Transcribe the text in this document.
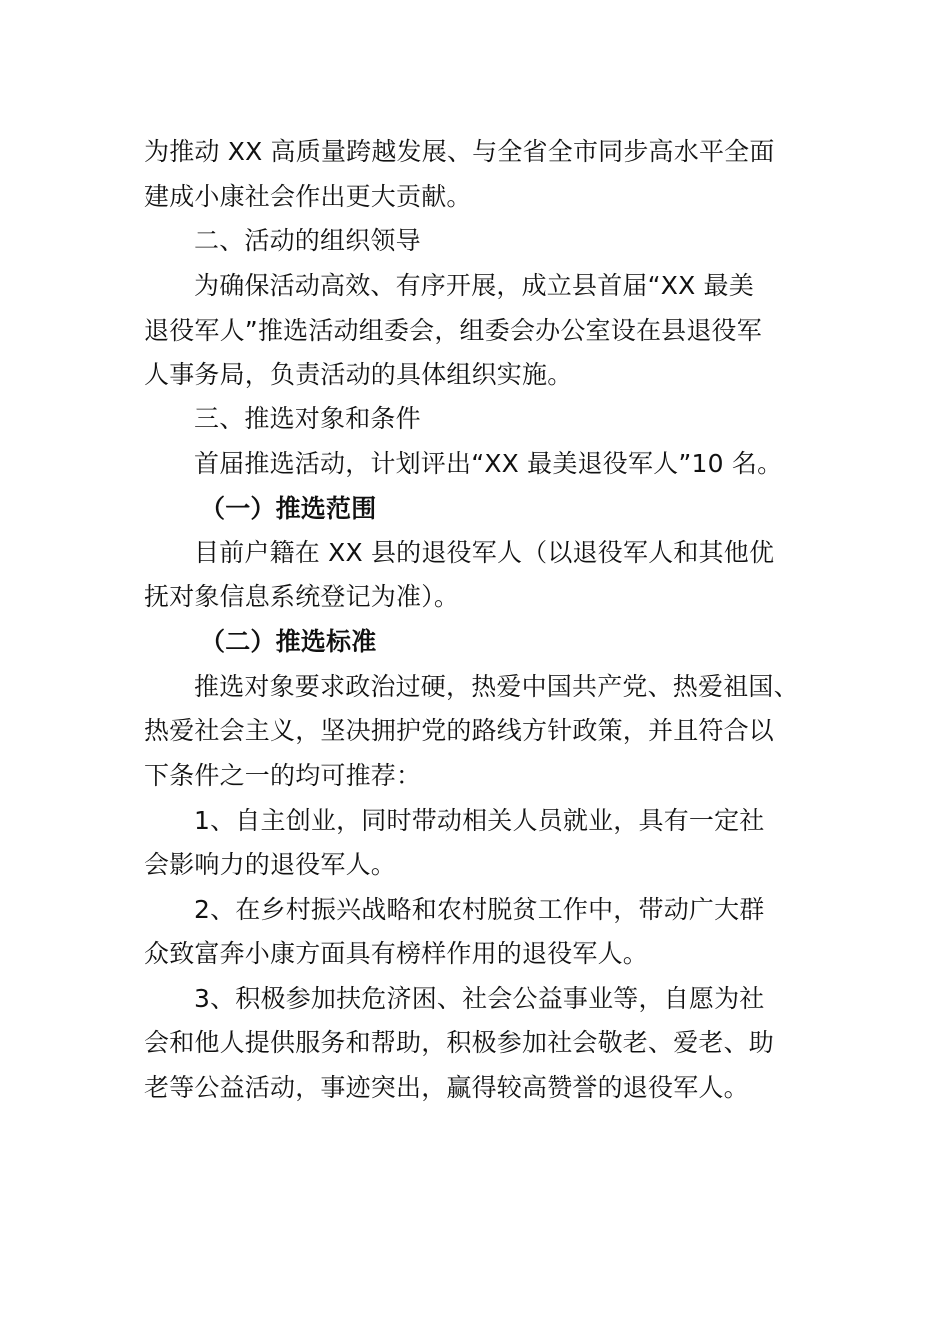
为推动 XX 高质量跨越发展、与全省全市同步高水平全面
建成小康社会作出更大贡献。
二、活动的组织领导
为确保活动高效、有序开展，成立县首届“XX 最美
退役军人”推选活动组委会，组委会办公室设在县退役军
人事务局，负责活动的具体组织实施。
三、推选对象和条件
首届推选活动，计划评出“XX 最美退役军人”10 名。
（一）推选范围
目前户籍在 XX 县的退役军人（以退役军人和其他优
抚对象信息系统登记为准）。
（二）推选标准
推选对象要求政治过硬，热爱中国共产党、热爱祖国、
热爱社会主义，坚决拥护党的路线方针政策，并且符合以
下条件之一的均可推荐：
1、自主创业，同时带动相关人员就业，具有一定社
会影响力的退役军人。
2、在乡村振兴战略和农村脱贫工作中，带动广大群
众致富奔小康方面具有榜样作用的退役军人。
3、积极参加扶危济困、社会公益事业等，自愿为社
会和他人提供服务和帮助，积极参加社会敬老、爱老、助
老等公益活动，事迹突出，赢得较高赞誉的退役军人。
